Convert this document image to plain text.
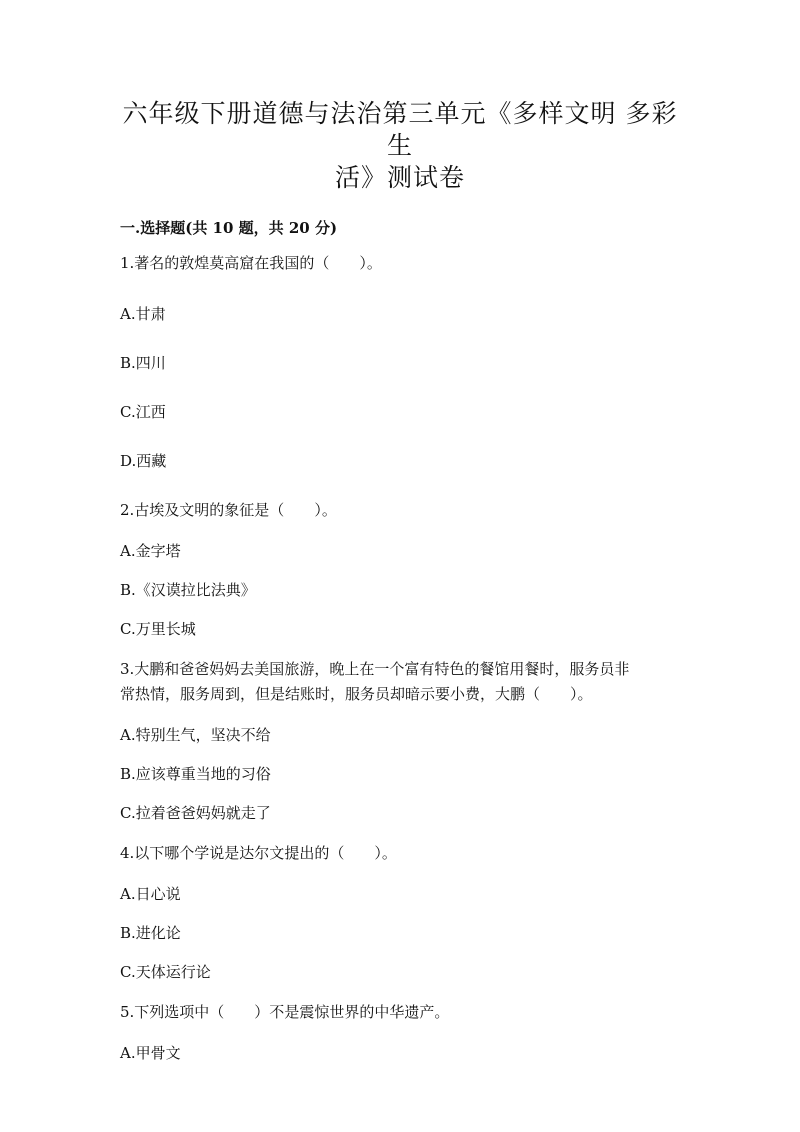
六年级下册道德与法治第三单元《多样文明 多彩生
活》测试卷
一.选择题(共 10 题，共 20 分)

1.著名的敦煌莫高窟在我国的（　　）。

A.甘肃

B.四川

C.江西

D.西藏

2.古埃及文明的象征是（　　）。

A.金字塔

B.《汉谟拉比法典》

C.万里长城

3.大鹏和爸爸妈妈去美国旅游，晚上在一个富有特色的餐馆用餐时，服务员非

常热情，服务周到，但是结账时，服务员却暗示要小费，大鹏（　　）。

A.特别生气，坚决不给

B.应该尊重当地的习俗

C.拉着爸爸妈妈就走了

4.以下哪个学说是达尔文提出的（　　）。

A.日心说

B.进化论

C.天体运行论

5.下列选项中（　　）不是震惊世界的中华遗产。

A.甲骨文
